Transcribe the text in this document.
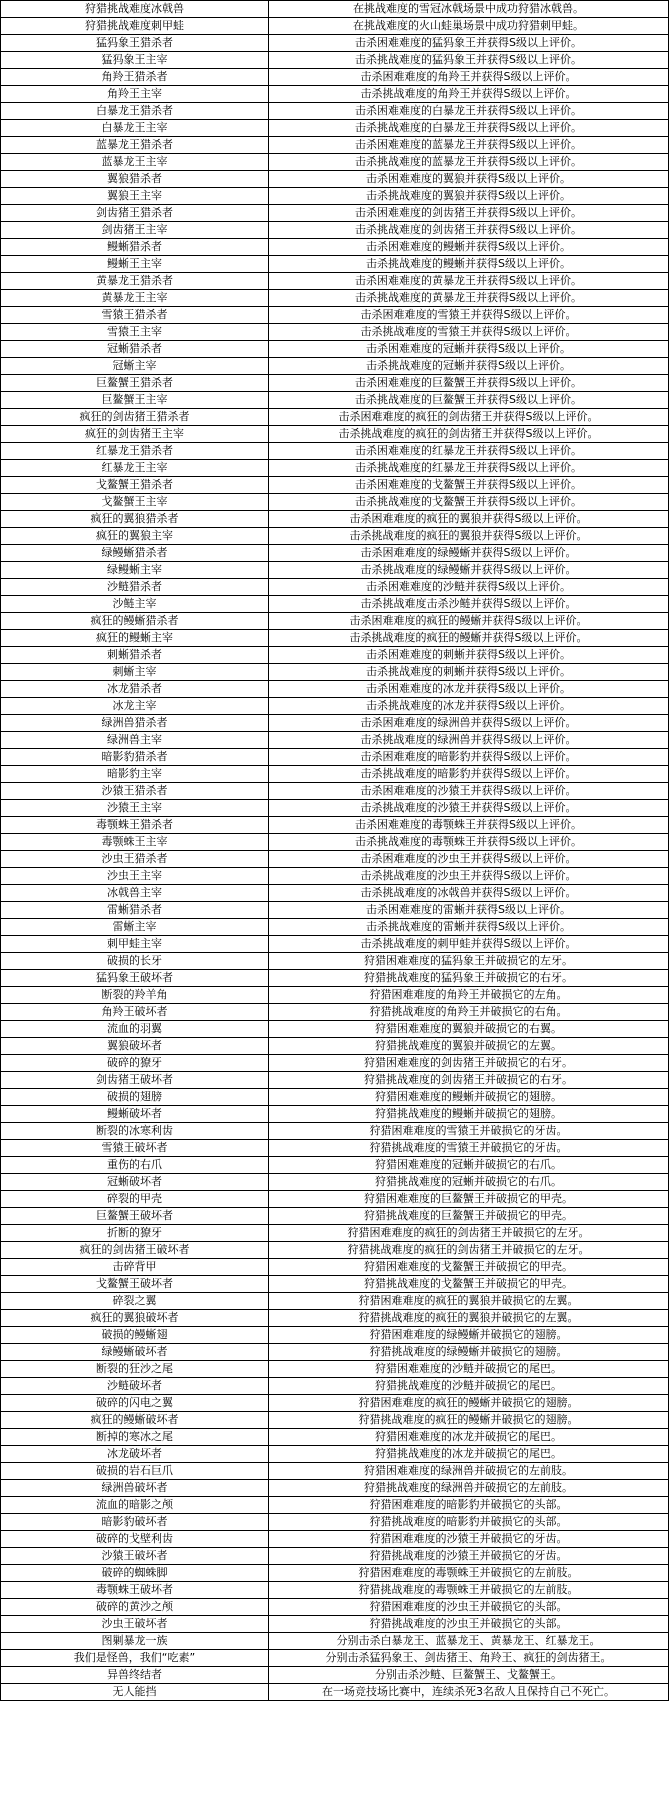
狩猎挑战难度冰戟兽	在挑战难度的雪冠冰戟场景中成功狩猎冰戟兽。
狩猎挑战难度刺甲蛙	在挑战难度的火山蛙巢场景中成功狩猎刺甲蛙。
猛犸象王猎杀者	击杀困难难度的猛犸象王并获得S级以上评价。
猛犸象王主宰	击杀挑战难度的猛犸象王并获得S级以上评价。
角羚王猎杀者	击杀困难难度的角羚王并获得S级以上评价。
角羚王主宰	击杀挑战难度的角羚王并获得S级以上评价。
白暴龙王猎杀者	击杀困难难度的白暴龙王并获得S级以上评价。
白暴龙王主宰	击杀挑战难度的白暴龙王并获得S级以上评价。
蓝暴龙王猎杀者	击杀困难难度的蓝暴龙王并获得S级以上评价。
蓝暴龙王主宰	击杀挑战难度的蓝暴龙王并获得S级以上评价。
翼狼猎杀者	击杀困难难度的翼狼并获得S级以上评价。
翼狼王主宰	击杀挑战难度的翼狼并获得S级以上评价。
剑齿猪王猎杀者	击杀困难难度的剑齿猪王并获得S级以上评价。
剑齿猪王主宰	击杀挑战难度的剑齿猪王并获得S级以上评价。
鳗蜥猎杀者	击杀困难难度的鳗蜥并获得S级以上评价。
鳗蜥王主宰	击杀挑战难度的鳗蜥并获得S级以上评价。
黄暴龙王猎杀者	击杀困难难度的黄暴龙王并获得S级以上评价。
黄暴龙王主宰	击杀挑战难度的黄暴龙王并获得S级以上评价。
雪猿王猎杀者	击杀困难难度的雪猿王并获得S级以上评价。
雪猿王主宰	击杀挑战难度的雪猿王并获得S级以上评价。
冠蜥猎杀者	击杀困难难度的冠蜥并获得S级以上评价。
冠蜥主宰	击杀挑战难度的冠蜥并获得S级以上评价。
巨鳌蟹王猎杀者	击杀困难难度的巨鳌蟹王并获得S级以上评价。
巨鳌蟹王主宰	击杀挑战难度的巨鳌蟹王并获得S级以上评价。
疯狂的剑齿猪王猎杀者	击杀困难难度的疯狂的剑齿猪王并获得S级以上评价。
疯狂的剑齿猪王主宰	击杀挑战难度的疯狂的剑齿猪王并获得S级以上评价。
红暴龙王猎杀者	击杀困难难度的红暴龙王并获得S级以上评价。
红暴龙王主宰	击杀挑战难度的红暴龙王并获得S级以上评价。
戈鳌蟹王猎杀者	击杀困难难度的戈鳌蟹王并获得S级以上评价。
戈鳌蟹王主宰	击杀挑战难度的戈鳌蟹王并获得S级以上评价。
疯狂的翼狼猎杀者	击杀困难难度的疯狂的翼狼并获得S级以上评价。
疯狂的翼狼主宰	击杀挑战难度的疯狂的翼狼并获得S级以上评价。
绿鳗蜥猎杀者	击杀困难难度的绿鳗蜥并获得S级以上评价。
绿鳗蜥主宰	击杀挑战难度的绿鳗蜥并获得S级以上评价。
沙鲢猎杀者	击杀困难难度的沙鲢并获得S级以上评价。
沙鲢主宰	击杀挑战难度击杀沙鲢并获得S级以上评价。
疯狂的鳗蜥猎杀者	击杀困难难度的疯狂的鳗蜥并获得S级以上评价。
疯狂的鳗蜥主宰	击杀挑战难度的疯狂的鳗蜥并获得S级以上评价。
刺蜥猎杀者	击杀困难难度的刺蜥并获得S级以上评价。
刺蜥主宰	击杀挑战难度的刺蜥并获得S级以上评价。
冰龙猎杀者	击杀困难难度的冰龙并获得S级以上评价。
冰龙主宰	击杀挑战难度的冰龙并获得S级以上评价。
绿洲兽猎杀者	击杀困难难度的绿洲兽并获得S级以上评价。
绿洲兽主宰	击杀挑战难度的绿洲兽并获得S级以上评价。
暗影豹猎杀者	击杀困难难度的暗影豹并获得S级以上评价。
暗影豹主宰	击杀挑战难度的暗影豹并获得S级以上评价。
沙猿王猎杀者	击杀困难难度的沙猿王并获得S级以上评价。
沙猿王主宰	击杀挑战难度的沙猿王并获得S级以上评价。
毒颚蛛王猎杀者	击杀困难难度的毒颚蛛王并获得S级以上评价。
毒颚蛛王主宰	击杀挑战难度的毒颚蛛王并获得S级以上评价。
沙虫王猎杀者	击杀困难难度的沙虫王并获得S级以上评价。
沙虫王主宰	击杀挑战难度的沙虫王并获得S级以上评价。
冰戟兽主宰	击杀挑战难度的冰戟兽并获得S级以上评价。
雷蜥猎杀者	击杀困难难度的雷蜥并获得S级以上评价。
雷蜥主宰	击杀挑战难度的雷蜥并获得S级以上评价。
刺甲蛙主宰	击杀挑战难度的刺甲蛙并获得S级以上评价。
破损的长牙	狩猎困难难度的猛犸象王并破损它的左牙。
猛犸象王破坏者	狩猎挑战难度的猛犸象王并破损它的右牙。
断裂的羚羊角	狩猎困难难度的角羚王并破损它的左角。
角羚王破坏者	狩猎挑战难度的角羚王并破损它的右角。
流血的羽翼	狩猎困难难度的翼狼并破损它的右翼。
翼狼破坏者	狩猎挑战难度的翼狼并破损它的左翼。
破碎的獠牙	狩猎困难难度的剑齿猪王并破损它的右牙。
剑齿猪王破坏者	狩猎挑战难度的剑齿猪王并破损它的右牙。
破损的翅膀	狩猎困难难度的鳗蜥并破损它的翅膀。
鳗蜥破坏者	狩猎挑战难度的鳗蜥并破损它的翅膀。
断裂的冰寒利齿	狩猎困难难度的雪猿王并破损它的牙齿。
雪猿王破坏者	狩猎挑战难度的雪猿王并破损它的牙齿。
重伤的右爪	狩猎困难难度的冠蜥并破损它的右爪。
冠蜥破坏者	狩猎挑战难度的冠蜥并破损它的右爪。
碎裂的甲壳	狩猎困难难度的巨鳌蟹王并破损它的甲壳。
巨鳌蟹王破坏者	狩猎挑战难度的巨鳌蟹王并破损它的甲壳。
折断的獠牙	狩猎困难难度的疯狂的剑齿猪王并破损它的左牙。
疯狂的剑齿猪王破坏者	狩猎挑战难度的疯狂的剑齿猪王并破损它的左牙。
击碎背甲	狩猎困难难度的戈鳌蟹王并破损它的甲壳。
戈鳌蟹王破坏者	狩猎挑战难度的戈鳌蟹王并破损它的甲壳。
碎裂之翼	狩猎困难难度的疯狂的翼狼并破损它的左翼。
疯狂的翼狼破坏者	狩猎挑战难度的疯狂的翼狼并破损它的左翼。
破损的鳗蜥翅	狩猎困难难度的绿鳗蜥并破损它的翅膀。
绿鳗蜥破坏者	狩猎挑战难度的绿鳗蜥并破损它的翅膀。
断裂的狂沙之尾	狩猎困难难度的沙鲢并破损它的尾巴。
沙鲢破坏者	狩猎挑战难度的沙鲢并破损它的尾巴。
破碎的闪电之翼	狩猎困难难度的疯狂的鳗蜥并破损它的翅膀。
疯狂的鳗蜥破坏者	狩猎挑战难度的疯狂的鳗蜥并破损它的翅膀。
断掉的寒冰之尾	狩猎困难难度的冰龙并破损它的尾巴。
冰龙破坏者	狩猎挑战难度的冰龙并破损它的尾巴。
破损的岩石巨爪	狩猎困难难度的绿洲兽并破损它的左前肢。
绿洲兽破坏者	狩猎挑战难度的绿洲兽并破损它的左前肢。
流血的暗影之颅	狩猎困难难度的暗影豹并破损它的头部。
暗影豹破坏者	狩猎挑战难度的暗影豹并破损它的头部。
破碎的戈壁利齿	狩猎困难难度的沙猿王并破损它的牙齿。
沙猿王破坏者	狩猎挑战难度的沙猿王并破损它的牙齿。
破碎的蜘蛛脚	狩猎困难难度的毒颚蛛王并破损它的左前肢。
毒颚蛛王破坏者	狩猎挑战难度的毒颚蛛王并破损它的左前肢。
破碎的黄沙之颅	狩猎困难难度的沙虫王并破损它的头部。
沙虫王破坏者	狩猎挑战难度的沙虫王并破损它的头部。
图剿暴龙一族	分别击杀白暴龙王、蓝暴龙王、黄暴龙王、红暴龙王。
我们是怪兽，我们“吃素”	分别击杀猛犸象王、剑齿猪王、角羚王、疯狂的剑齿猪王。
异兽终结者	分别击杀沙鲢、巨鳌蟹王、戈鳌蟹王。
无人能挡	在一场竞技场比赛中，连续杀死3名敌人且保持自己不死亡。
